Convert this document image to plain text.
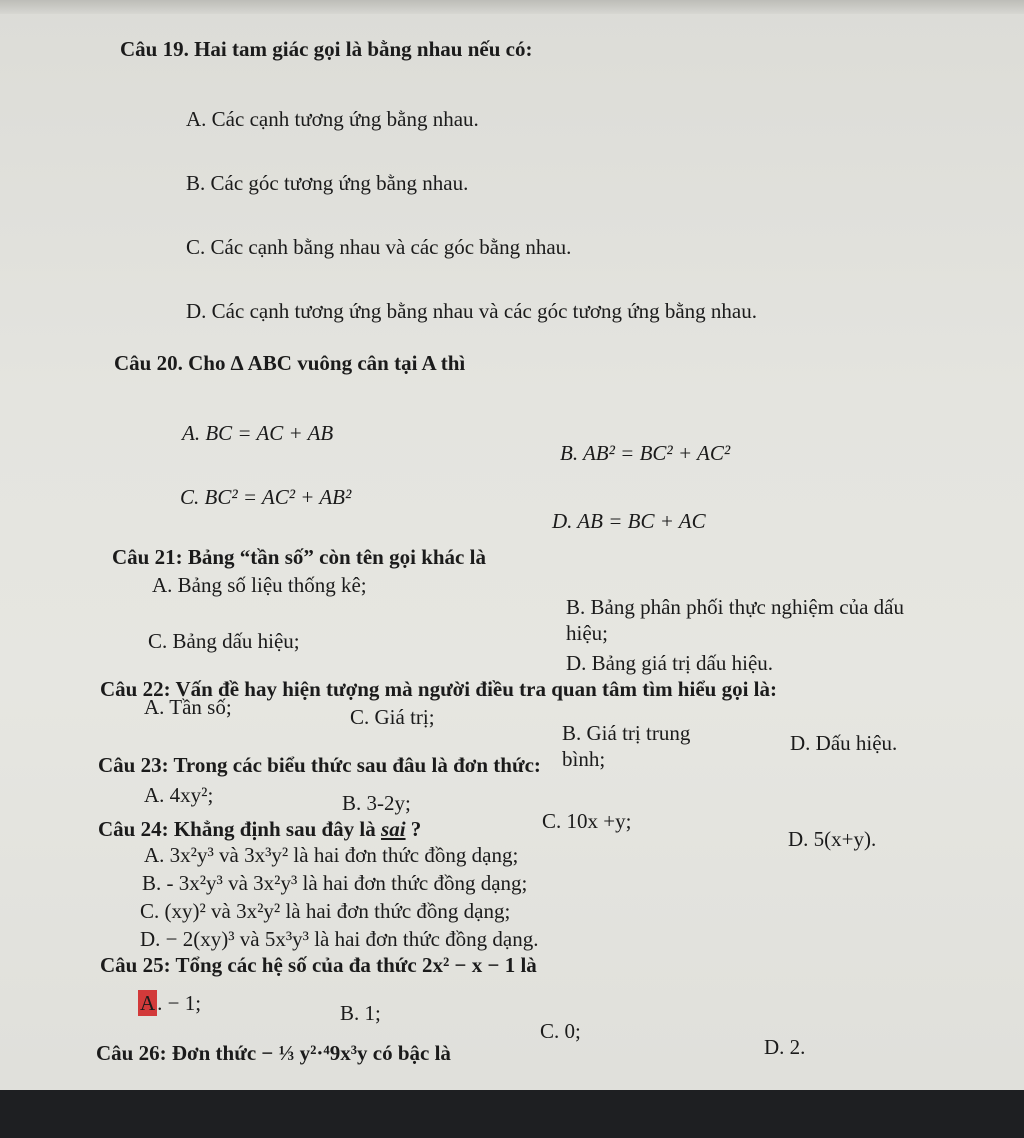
Câu 19. Hai tam giác gọi là bằng nhau nếu có:
A. Các cạnh tương ứng bằng nhau.
B. Các góc tương ứng bằng nhau.
C. Các cạnh bằng nhau và các góc bằng nhau.
D. Các cạnh tương ứng bằng nhau và các góc tương ứng bằng nhau.
Câu 20. Cho ∆ ABC vuông cân tại A thì
A. BC = AC + AB
B. AB² = BC² + AC²
C. BC² = AC² + AB²
D. AB = BC + AC
Câu 21: Bảng “tần số” còn tên gọi khác là
A. Bảng số liệu thống kê;
B. Bảng phân phối thực nghiệm của dấu
hiệu;
C. Bảng dấu hiệu;
D. Bảng giá trị dấu hiệu.
Câu 22: Vấn đề hay hiện tượng mà người điều tra quan tâm tìm hiểu gọi là:
A. Tần số;	C. Giá trị;
B. Giá trị trung
bình;
D. Dấu hiệu.
Câu 23: Trong các biểu thức sau đâu là đơn thức:
A. 4xy²;	B. 3-2y;
C. 10x +y;
D. 5(x+y).
Câu 24: Khẳng định sau đây là sai ?
A. 3x²y³ và 3x³y² là hai đơn thức đồng dạng;
B. - 3x²y³ và 3x²y³ là hai đơn thức đồng dạng;
C. (xy)² và 3x²y² là hai đơn thức đồng dạng;
D. − 2(xy)³ và 5x³y³ là hai đơn thức đồng dạng.
Câu 25: Tổng các hệ số của đa thức 2x² − x − 1 là
A. − 1;	B. 1;
C. 0;
D. 2.
Câu 26: Đơn thức − ⅓ y²·⁴9x³y có bậc là
